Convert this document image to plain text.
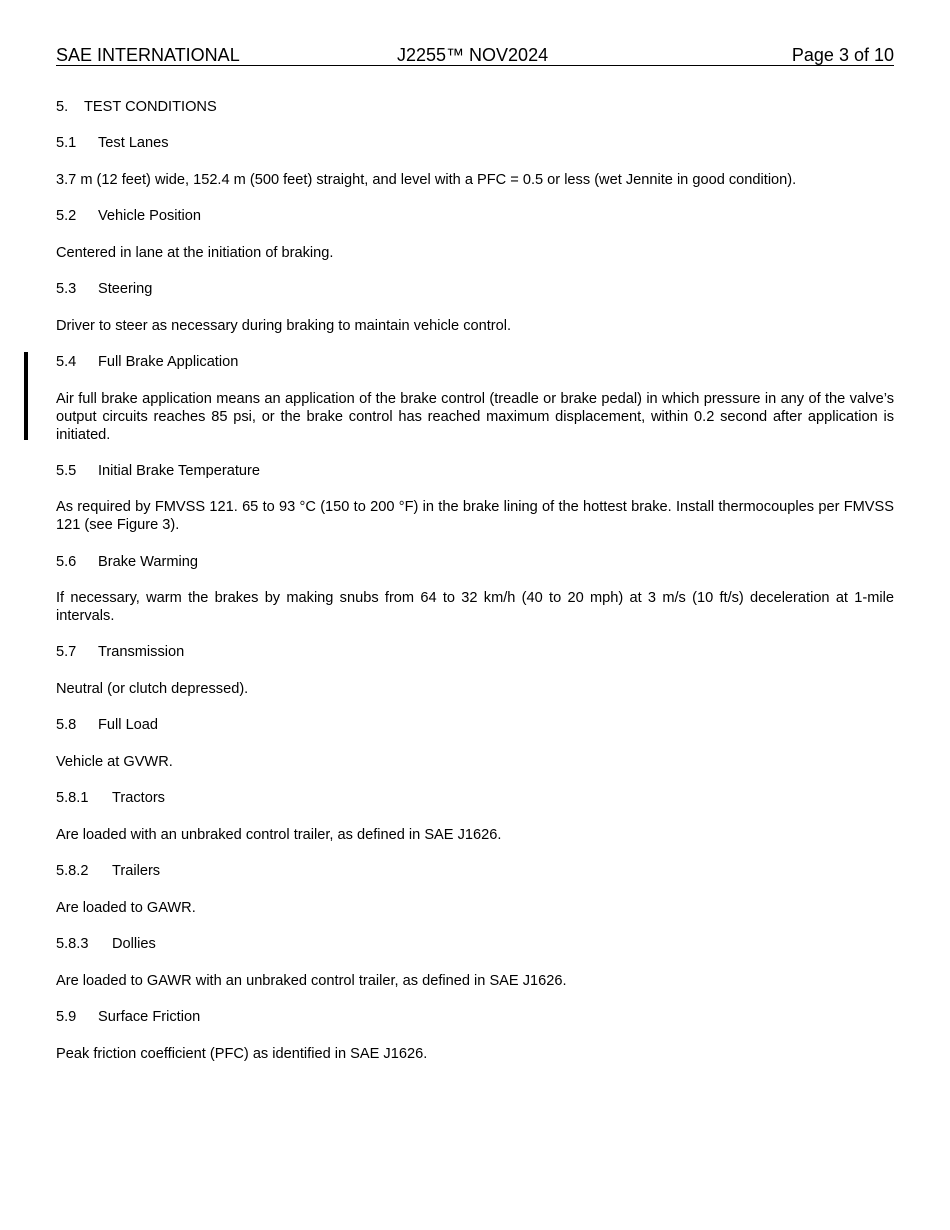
SAE INTERNATIONAL	J2255™ NOV2024	Page 3 of 10
5. TEST CONDITIONS
5.1 Test Lanes
3.7 m (12 feet) wide, 152.4 m (500 feet) straight, and level with a PFC = 0.5 or less (wet Jennite in good condition).
5.2 Vehicle Position
Centered in lane at the initiation of braking.
5.3 Steering
Driver to steer as necessary during braking to maintain vehicle control.
5.4 Full Brake Application
Air full brake application means an application of the brake control (treadle or brake pedal) in which pressure in any of the valve’s output circuits reaches 85 psi, or the brake control has reached maximum displacement, within 0.2 second after application is initiated.
5.5 Initial Brake Temperature
As required by FMVSS 121. 65 to 93 °C (150 to 200 °F) in the brake lining of the hottest brake. Install thermocouples per FMVSS 121 (see Figure 3).
5.6 Brake Warming
If necessary, warm the brakes by making snubs from 64 to 32 km/h (40 to 20 mph) at 3 m/s (10 ft/s) deceleration at 1-mile intervals.
5.7 Transmission
Neutral (or clutch depressed).
5.8 Full Load
Vehicle at GVWR.
5.8.1 Tractors
Are loaded with an unbraked control trailer, as defined in SAE J1626.
5.8.2 Trailers
Are loaded to GAWR.
5.8.3 Dollies
Are loaded to GAWR with an unbraked control trailer, as defined in SAE J1626.
5.9 Surface Friction
Peak friction coefficient (PFC) as identified in SAE J1626.
